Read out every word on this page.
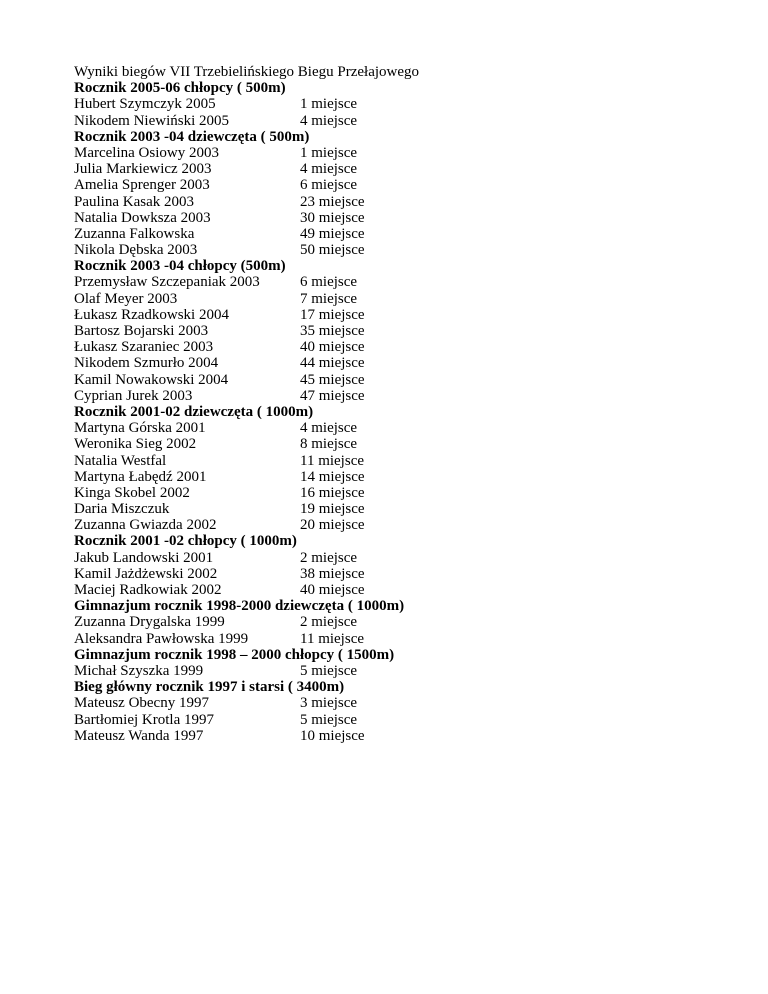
Wyniki biegów VII Trzebielińskiego Biegu Przełajowego
Rocznik 2005-06 chłopcy ( 500m)
Hubert Szymczyk 2005	1 miejsce
Nikodem Niewiński 2005	4 miejsce
Rocznik 2003 -04 dziewczęta ( 500m)
Marcelina Osiowy 2003	1 miejsce
Julia Markiewicz 2003	4 miejsce
Amelia Sprenger 2003	6 miejsce
Paulina Kasak 2003	23 miejsce
Natalia Dowksza 2003	30 miejsce
Zuzanna Falkowska	49 miejsce
Nikola Dębska 2003	50 miejsce
Rocznik 2003 -04 chłopcy (500m)
Przemysław Szczepaniak 2003	6 miejsce
Olaf Meyer 2003	7 miejsce
Łukasz Rzadkowski 2004	17 miejsce
Bartosz Bojarski 2003	35 miejsce
Łukasz Szaraniec 2003	40 miejsce
Nikodem Szmurło 2004	44 miejsce
Kamil Nowakowski 2004	45 miejsce
Cyprian Jurek 2003	47 miejsce
Rocznik 2001-02 dziewczęta ( 1000m)
Martyna Górska 2001	4 miejsce
Weronika Sieg 2002	8 miejsce
Natalia Westfal	11 miejsce
Martyna Łabędź 2001	14 miejsce
Kinga Skobel 2002	16 miejsce
Daria Miszczuk	19 miejsce
Zuzanna Gwiazda 2002	20 miejsce
Rocznik 2001 -02 chłopcy ( 1000m)
Jakub Landowski 2001	2 miejsce
Kamil Jażdżewski 2002	38 miejsce
Maciej Radkowiak 2002	40 miejsce
Gimnazjum rocznik 1998-2000 dziewczęta ( 1000m)
Zuzanna Drygalska 1999	2 miejsce
Aleksandra Pawłowska 1999	11 miejsce
Gimnazjum rocznik 1998 – 2000 chłopcy ( 1500m)
Michał Szyszka 1999	5 miejsce
Bieg główny rocznik 1997 i starsi ( 3400m)
Mateusz Obecny 1997	3 miejsce
Bartłomiej Krotla 1997	5 miejsce
Mateusz Wanda 1997	10 miejsce
